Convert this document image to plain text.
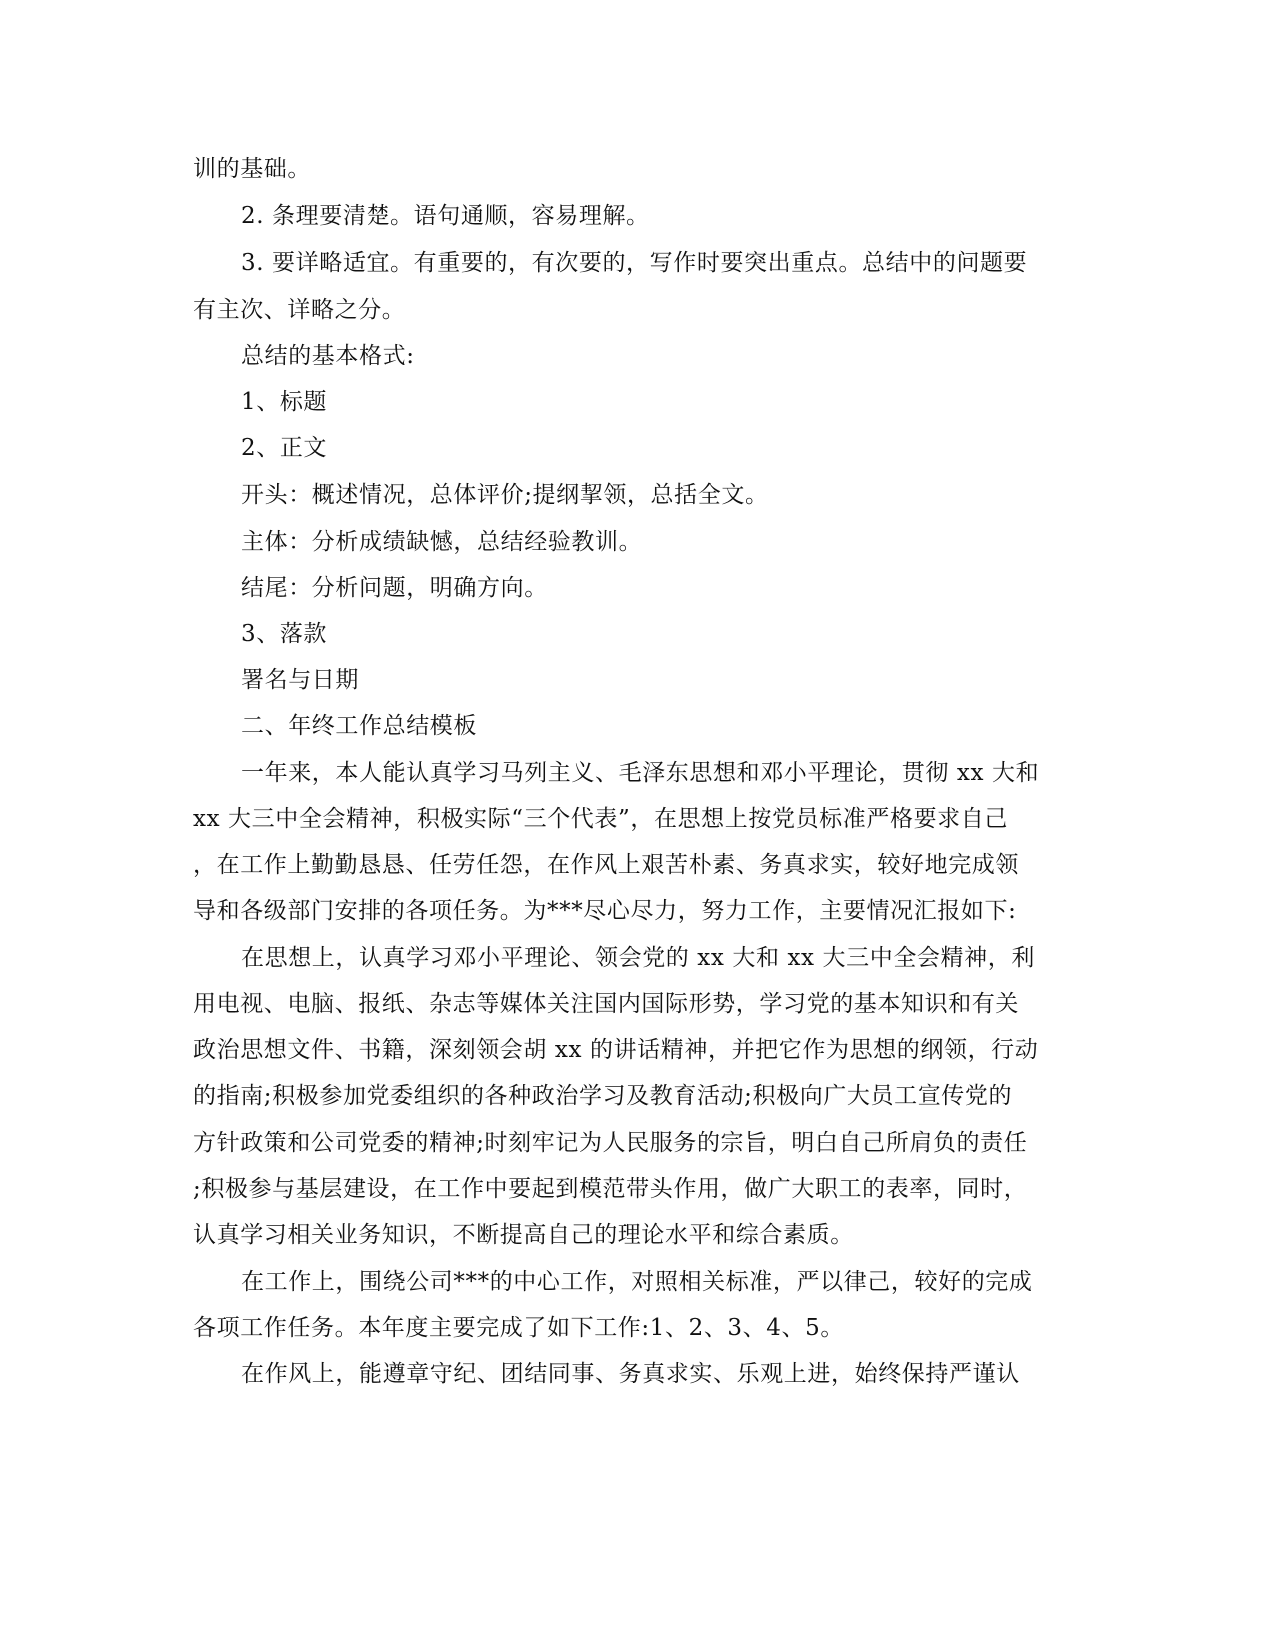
训的基础。
2. 条理要清楚。语句通顺，容易理解。
3. 要详略适宜。有重要的，有次要的，写作时要突出重点。总结中的问题要
有主次、详略之分。
总结的基本格式:
1、标题
2、正文
开头：概述情况，总体评价;提纲挈领，总括全文。
主体：分析成绩缺憾，总结经验教训。
结尾：分析问题，明确方向。
3、落款
署名与日期
二、年终工作总结模板
一年来，本人能认真学习马列主义、毛泽东思想和邓小平理论，贯彻 xx 大和
xx 大三中全会精神，积极实际“三个代表”，在思想上按党员标准严格要求自己
，在工作上勤勤恳恳、任劳任怨，在作风上艰苦朴素、务真求实，较好地完成领
导和各级部门安排的各项任务。为***尽心尽力，努力工作，主要情况汇报如下:
在思想上，认真学习邓小平理论、领会党的 xx 大和 xx 大三中全会精神，利
用电视、电脑、报纸、杂志等媒体关注国内国际形势，学习党的基本知识和有关
政治思想文件、书籍，深刻领会胡 xx 的讲话精神，并把它作为思想的纲领，行动
的指南;积极参加党委组织的各种政治学习及教育活动;积极向广大员工宣传党的
方针政策和公司党委的精神;时刻牢记为人民服务的宗旨，明白自己所肩负的责任
;积极参与基层建设，在工作中要起到模范带头作用，做广大职工的表率，同时，
认真学习相关业务知识，不断提高自己的理论水平和综合素质。
在工作上，围绕公司***的中心工作，对照相关标准，严以律己，较好的完成
各项工作任务。本年度主要完成了如下工作:1、2、3、4、5。
在作风上，能遵章守纪、团结同事、务真求实、乐观上进，始终保持严谨认
